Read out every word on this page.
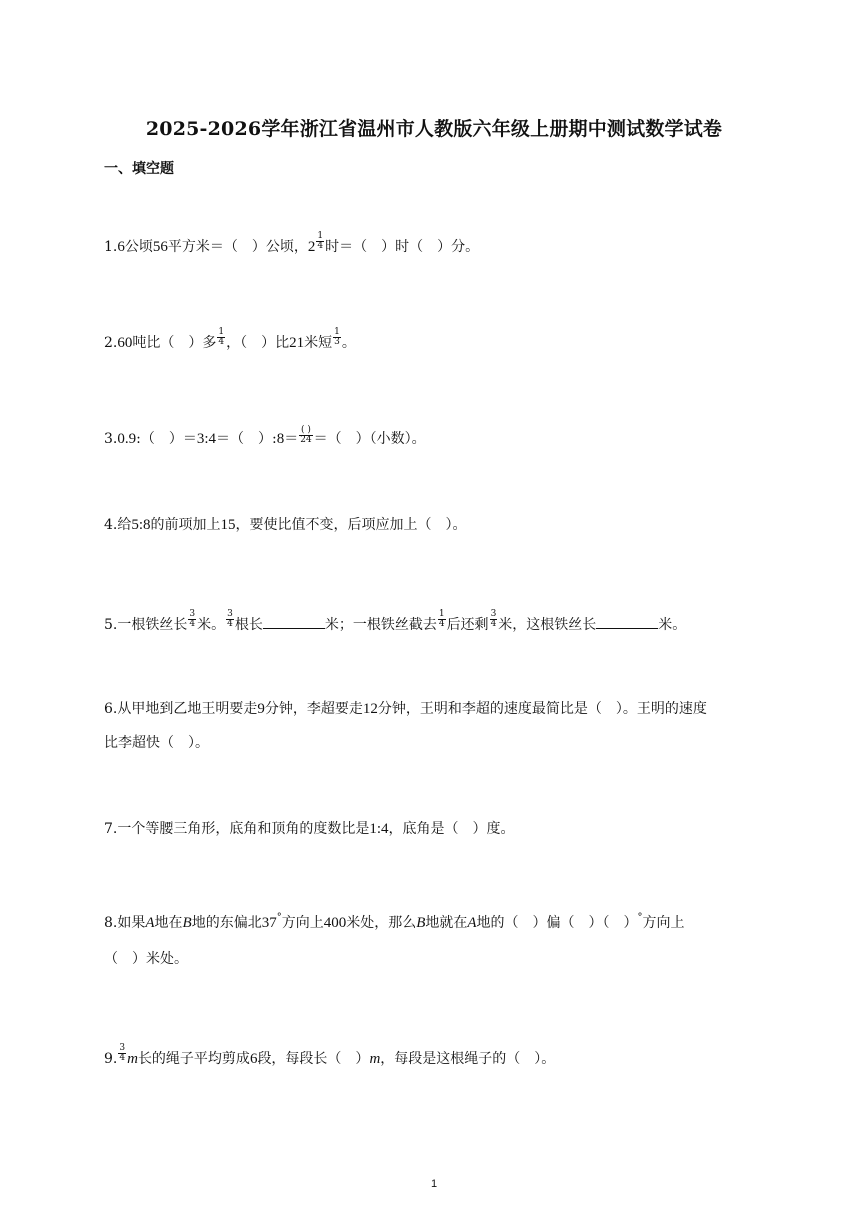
2025-2026学年浙江省温州市人教版六年级上册期中测试数学试卷
一、填空题
1.6公顷56平方米＝（　）公顷，$2 \frac{1}{4}$ 时＝（　）时（　）分。
2.60吨比（　）多 $\frac{1}{4}$ ，（　）比21米短 $\frac{1}{3}$ 。
3.0.9:（　）＝3:4＝（　）:8＝ $\frac{( )}{24}$ ＝（　）（小数）。
4.给5:8的前项加上15，要使比值不变，后项应加上（　）。
5.一根铁丝长 $\frac{3}{4}$ 米。 $\frac{3}{4}$ 根长	米；一根铁丝截去 $\frac{1}{4}$ 后还剩 $\frac{3}{4}$ 米，这根铁丝长	米。
6.从甲地到乙地王明要走9分钟，李超要走12分钟，王明和李超的速度最简比是（　）。王明的速度
比李超快（　）。
7.一个等腰三角形，底角和顶角的度数比是1:4，底角是（　）度。
8.如果A地在B地的东偏北37°方向上400米处，那么B地就在A地的（　）偏（　）（　）°方向上
（　）米处。
9. $\frac{3}{4}$ m长的绳子平均剪成6段，每段长（　）m，每段是这根绳子的（　）。
1
